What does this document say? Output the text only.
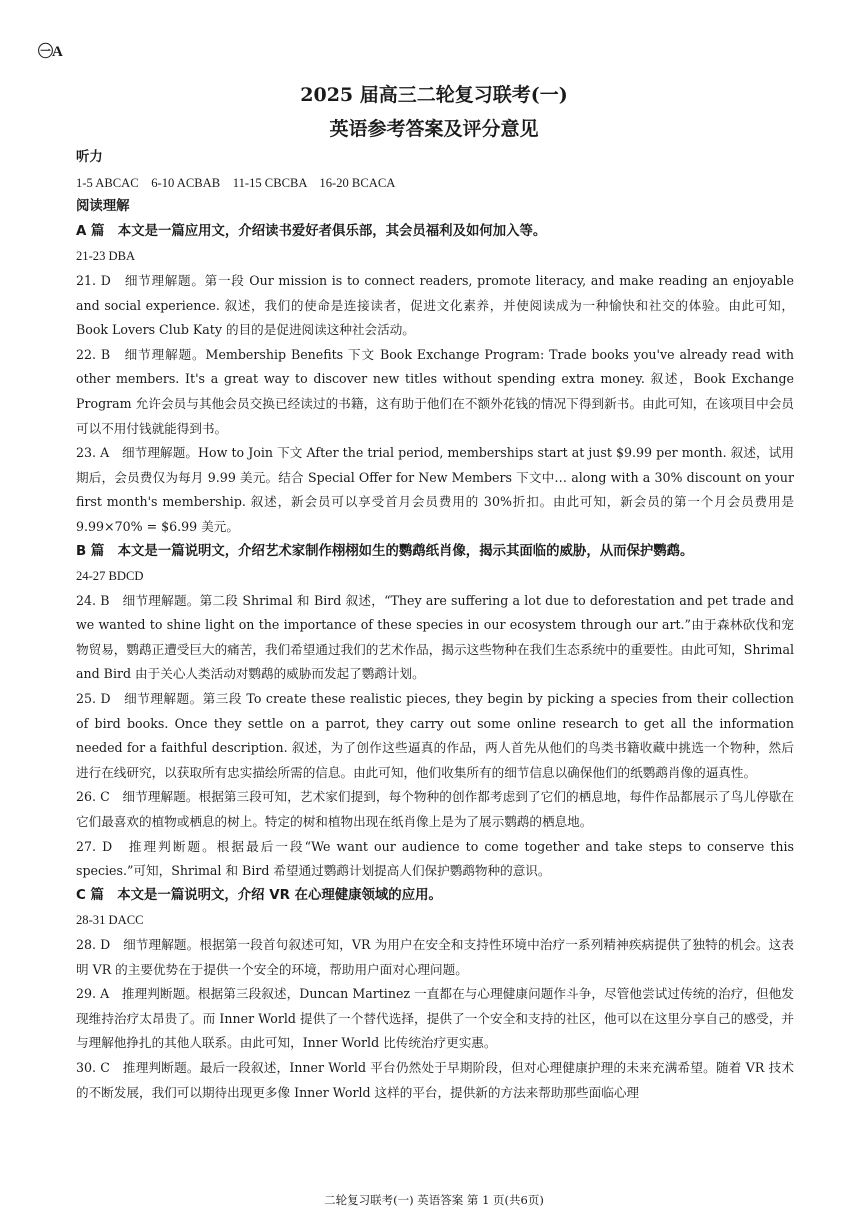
㊀A
2025 届高三二轮复习联考(一)
英语参考答案及评分意见

听力

1-5 ABCAC    6-10 ACBAB    11-15 CBCBA    16-20 BCACA

阅读理解

A 篇　本文是一篇应用文，介绍读书爱好者俱乐部，其会员福利及如何加入等。

21-23 DBA

21. D　细节理解题。第一段 Our mission is to connect readers, promote literacy, and make reading an enjoyable and social experience. 叙述，我们的使命是连接读者，促进文化素养，并使阅读成为一种愉快和社交的体验。由此可知，Book Lovers Club Katy 的目的是促进阅读这种社会活动。

22. B　细节理解题。Membership Benefits 下文 Book Exchange Program: Trade books you've already read with other members. It's a great way to discover new titles without spending extra money. 叙述，Book Exchange Program 允许会员与其他会员交换已经读过的书籍，这有助于他们在不额外花钱的情况下得到新书。由此可知，在该项目中会员可以不用付钱就能得到书。

23. A　细节理解题。How to Join 下文 After the trial period, memberships start at just $9.99 per month. 叙述，试用期后，会员费仅为每月 9.99 美元。结合 Special Offer for New Members 下文中… along with a 30% discount on your first month's membership. 叙述，新会员可以享受首月会员费用的 30%折扣。由此可知，新会员的第一个月会员费用是 9.99×70% = $6.99 美元。

B 篇　本文是一篇说明文，介绍艺术家制作栩栩如生的鹦鹉纸肖像，揭示其面临的威胁，从而保护鹦鹉。

24-27 BDCD

24. B　细节理解题。第二段 Shrimal 和 Bird 叙述，“They are suffering a lot due to deforestation and pet trade and we wanted to shine light on the importance of these species in our ecosystem through our art.”由于森林砍伐和宠物贸易，鹦鹉正遭受巨大的痛苦，我们希望通过我们的艺术作品，揭示这些物种在我们生态系统中的重要性。由此可知，Shrimal and Bird 由于关心人类活动对鹦鹉的威胁而发起了鹦鹉计划。

25. D　细节理解题。第三段 To create these realistic pieces, they begin by picking a species from their collection of bird books. Once they settle on a parrot, they carry out some online research to get all the information needed for a faithful description. 叙述，为了创作这些逼真的作品，两人首先从他们的鸟类书籍收藏中挑选一个物种，然后进行在线研究，以获取所有忠实描绘所需的信息。由此可知，他们收集所有的细节信息以确保他们的纸鹦鹉肖像的逼真性。

26. C　细节理解题。根据第三段可知，艺术家们提到，每个物种的创作都考虑到了它们的栖息地，每件作品都展示了鸟儿停歇在它们最喜欢的植物或栖息的树上。特定的树和植物出现在纸肖像上是为了展示鹦鹉的栖息地。

27. D　推理判断题。根据最后一段“We want our audience to come together and take steps to conserve this species.”可知，Shrimal 和 Bird 希望通过鹦鹉计划提高人们保护鹦鹉物种的意识。

C 篇　本文是一篇说明文，介绍 VR 在心理健康领域的应用。

28-31 DACC

28. D　细节理解题。根据第一段首句叙述可知，VR 为用户在安全和支持性环境中治疗一系列精神疾病提供了独特的机会。这表明 VR 的主要优势在于提供一个安全的环境，帮助用户面对心理问题。

29. A　推理判断题。根据第三段叙述，Duncan Martinez 一直都在与心理健康问题作斗争，尽管他尝试过传统的治疗，但他发现维持治疗太昂贵了。而 Inner World 提供了一个替代选择，提供了一个安全和支持的社区，他可以在这里分享自己的感受，并与理解他挣扎的其他人联系。由此可知，Inner World 比传统治疗更实惠。

30. C　推理判断题。最后一段叙述，Inner World 平台仍然处于早期阶段，但对心理健康护理的未来充满希望。随着 VR 技术的不断发展，我们可以期待出现更多像 Inner World 这样的平台，提供新的方法来帮助那些面临心理

二轮复习联考(一) 英语答案 第 1 页(共6页)
